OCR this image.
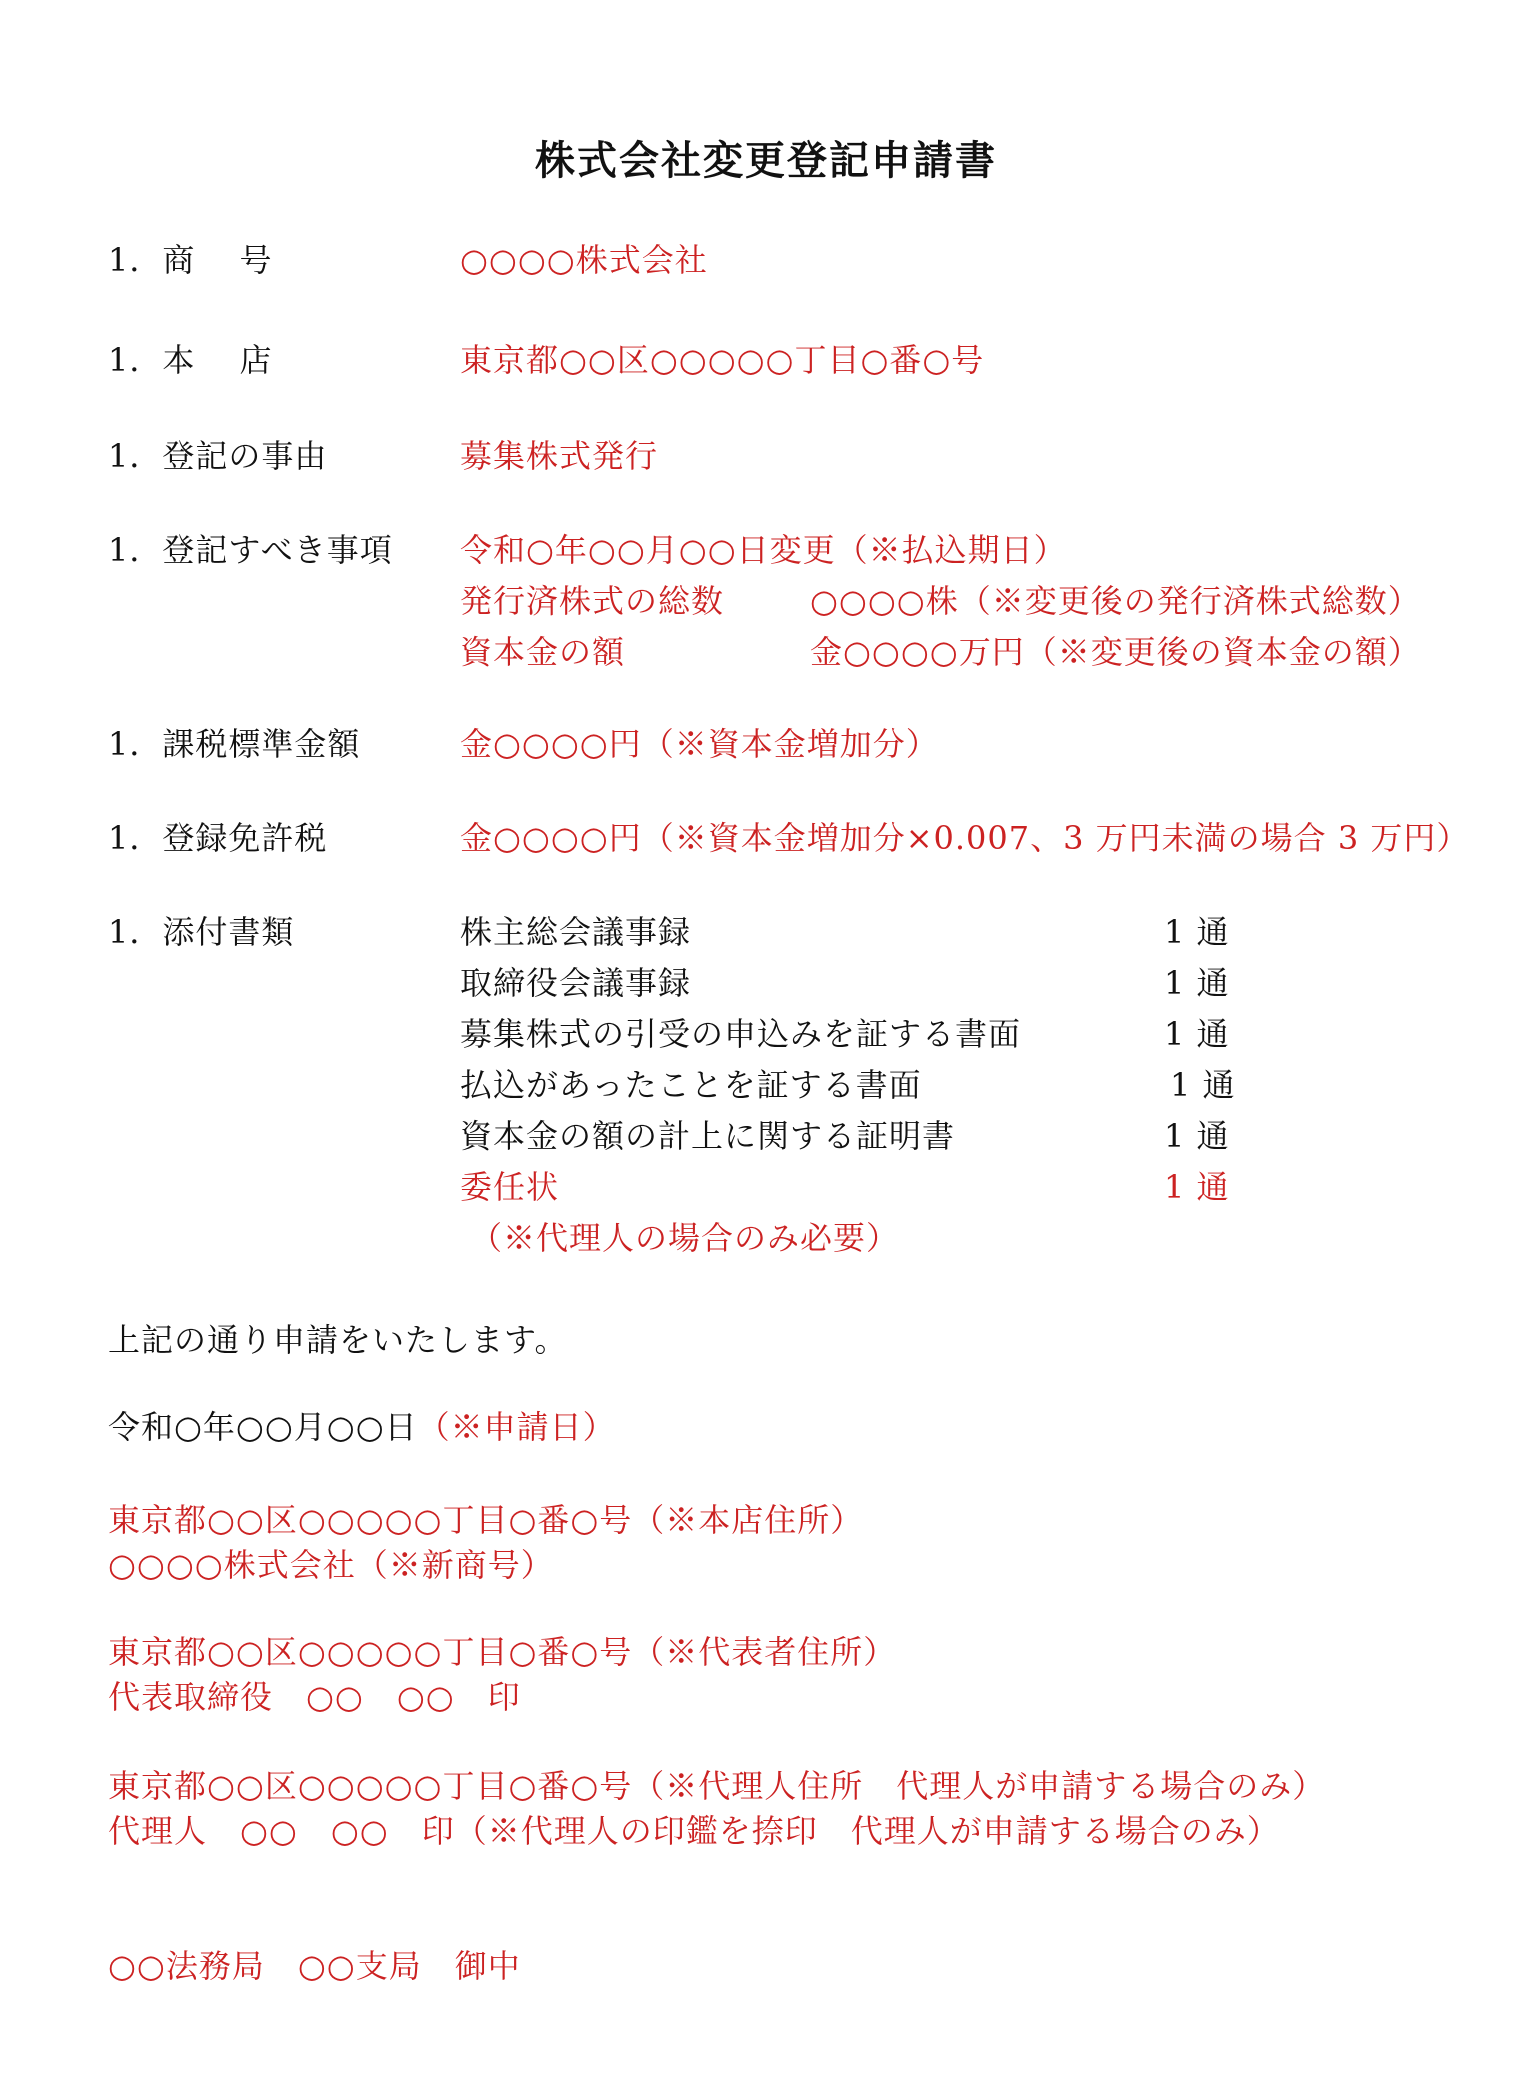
株式会社変更登記申請書
1．商　 号	○○○○株式会社
1．本　 店	東京都○○区○○○○○丁目○番○号
1．登記の事由	募集株式発行
1．登記すべき事項 令和○年○○月○○日変更（※払込期日）
発行済株式の総数	○○○○株（※変更後の発行済株式総数）
資本金の額	金○○○○万円（※変更後の資本金の額）
1．課税標準金額	金○○○○円（※資本金増加分）
1．登録免許税	金○○○○円（※資本金増加分×0.007、3 万円未満の場合 3 万円）
1．添付書類	株主総会議事録	1 通
取締役会議事録	1 通
募集株式の引受の申込みを証する書面	1 通
払込があったことを証する書面	1 通
資本金の額の計上に関する証明書	1 通
委任状	1 通
（※代理人の場合のみ必要）
上記の通り申請をいたします。
令和○年○○月○○日（※申請日）
東京都○○区○○○○○丁目○番○号（※本店住所）
○○○○株式会社（※新商号）
東京都○○区○○○○○丁目○番○号（※代表者住所）
代表取締役　○○　○○　印
東京都○○区○○○○○丁目○番○号（※代理人住所　代理人が申請する場合のみ）
代理人　○○　○○　印（※代理人の印鑑を捺印　代理人が申請する場合のみ）
○○法務局　○○支局　御中
